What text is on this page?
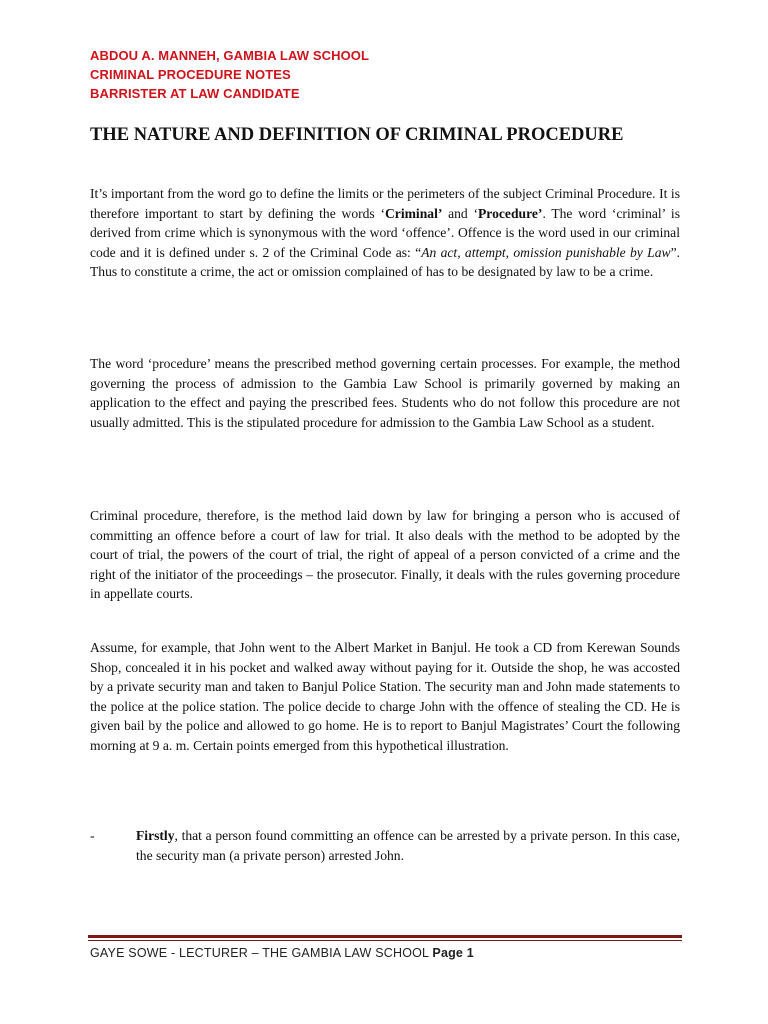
ABDOU A. MANNEH, GAMBIA LAW SCHOOL
CRIMINAL PROCEDURE NOTES
BARRISTER AT LAW CANDIDATE
THE NATURE AND DEFINITION OF CRIMINAL PROCEDURE

It’s important from the word go to define the limits or the perimeters of the subject Criminal Procedure. It is therefore important to start by defining the words ‘Criminal’ and ‘Procedure’. The word ‘criminal’ is derived from crime which is synonymous with the word ‘offence’. Offence is the word used in our criminal code and it is defined under s. 2 of the Criminal Code as: “An act, attempt, omission punishable by Law”. Thus to constitute a crime, the act or omission complained of has to be designated by law to be a crime.

The word ‘procedure’ means the prescribed method governing certain processes. For example, the method governing the process of admission to the Gambia Law School is primarily governed by making an application to the effect and paying the prescribed fees. Students who do not follow this procedure are not usually admitted. This is the stipulated procedure for admission to the Gambia Law School as a student.

Criminal procedure, therefore, is the method laid down by law for bringing a person who is accused of committing an offence before a court of law for trial. It also deals with the method to be adopted by the court of trial, the powers of the court of trial, the right of appeal of a person convicted of a crime and the right of the initiator of the proceedings – the prosecutor. Finally, it deals with the rules governing procedure in appellate courts.

Assume, for example, that John went to the Albert Market in Banjul. He took a CD from Kerewan Sounds Shop, concealed it in his pocket and walked away without paying for it. Outside the shop, he was accosted by a private security man and taken to Banjul Police Station. The security man and John made statements to the police at the police station. The police decide to charge John with the offence of stealing the CD. He is given bail by the police and allowed to go home. He is to report to Banjul Magistrates’ Court the following morning at 9 a. m. Certain points emerged from this hypothetical illustration.

-	Firstly, that a person found committing an offence can be arrested by a private person. In this case, the security man (a private person) arrested John.

GAYE SOWE - LECTURER – THE GAMBIA LAW SCHOOL Page 1
